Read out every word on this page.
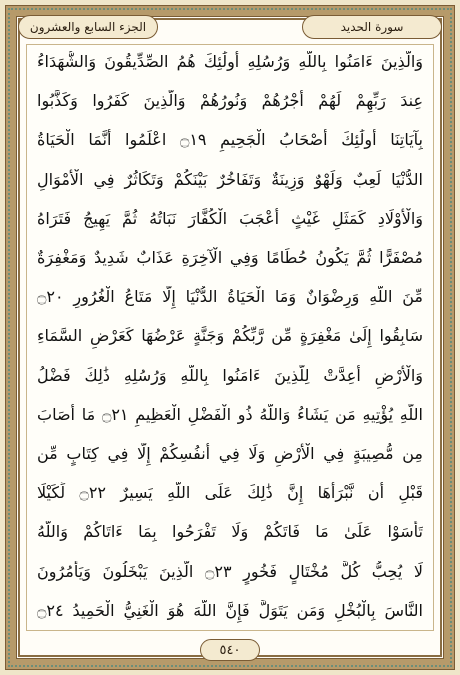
الجزء السابع والعشرون	سورة الحديد
وَالَّذِينَ ءَامَنُوا بِاللَّهِ وَرُسُلِهِ أُولَٰئِكَ هُمُ الصِّدِّيقُونَ وَالشُّهَدَاءُ
عِندَ رَبِّهِمْ لَهُمْ أَجْرُهُمْ وَنُورُهُمْ وَالَّذِينَ كَفَرُوا وَكَذَّبُوا
بِآيَاتِنَا أُولَٰئِكَ أَصْحَابُ الْجَحِيمِ ۝١٩ اعْلَمُوا أَنَّمَا الْحَيَاةُ
الدُّنْيَا لَعِبٌ وَلَهْوٌ وَزِينَةٌ وَتَفَاخُرٌ بَيْنَكُمْ وَتَكَاثُرٌ فِي الْأَمْوَالِ
وَالْأَوْلَادِ كَمَثَلِ غَيْثٍ أَعْجَبَ الْكُفَّارَ نَبَاتُهُ ثُمَّ يَهِيجُ فَتَرَاهُ
مُصْفَرًّا ثُمَّ يَكُونُ حُطَامًا وَفِي الْآخِرَةِ عَذَابٌ شَدِيدٌ وَمَغْفِرَةٌ
مِّنَ اللَّهِ وَرِضْوَانٌ وَمَا الْحَيَاةُ الدُّنْيَا إِلَّا مَتَاعُ الْغُرُورِ ۝٢٠
سَابِقُوا إِلَىٰ مَغْفِرَةٍ مِّن رَّبِّكُمْ وَجَنَّةٍ عَرْضُهَا كَعَرْضِ السَّمَاءِ
وَالْأَرْضِ أُعِدَّتْ لِلَّذِينَ ءَامَنُوا بِاللَّهِ وَرُسُلِهِ ذَٰلِكَ فَضْلُ
اللَّهِ يُؤْتِيهِ مَن يَشَاءُ وَاللَّهُ ذُو الْفَضْلِ الْعَظِيمِ ۝٢١ مَا أَصَابَ
مِن مُّصِيبَةٍ فِي الْأَرْضِ وَلَا فِي أَنفُسِكُمْ إِلَّا فِي كِتَابٍ مِّن
قَبْلِ أَن نَّبْرَأَهَا إِنَّ ذَٰلِكَ عَلَى اللَّهِ يَسِيرٌ ۝٢٢ لِّكَيْلَا
تَأْسَوْا عَلَىٰ مَا فَاتَكُمْ وَلَا تَفْرَحُوا بِمَا ءَاتَاكُمْ وَاللَّهُ
لَا يُحِبُّ كُلَّ مُخْتَالٍ فَخُورٍ ۝٢٣ الَّذِينَ يَبْخَلُونَ وَيَأْمُرُونَ
النَّاسَ بِالْبُخْلِ وَمَن يَتَوَلَّ فَإِنَّ اللَّهَ هُوَ الْغَنِيُّ الْحَمِيدُ ۝٢٤
٥٤٠
